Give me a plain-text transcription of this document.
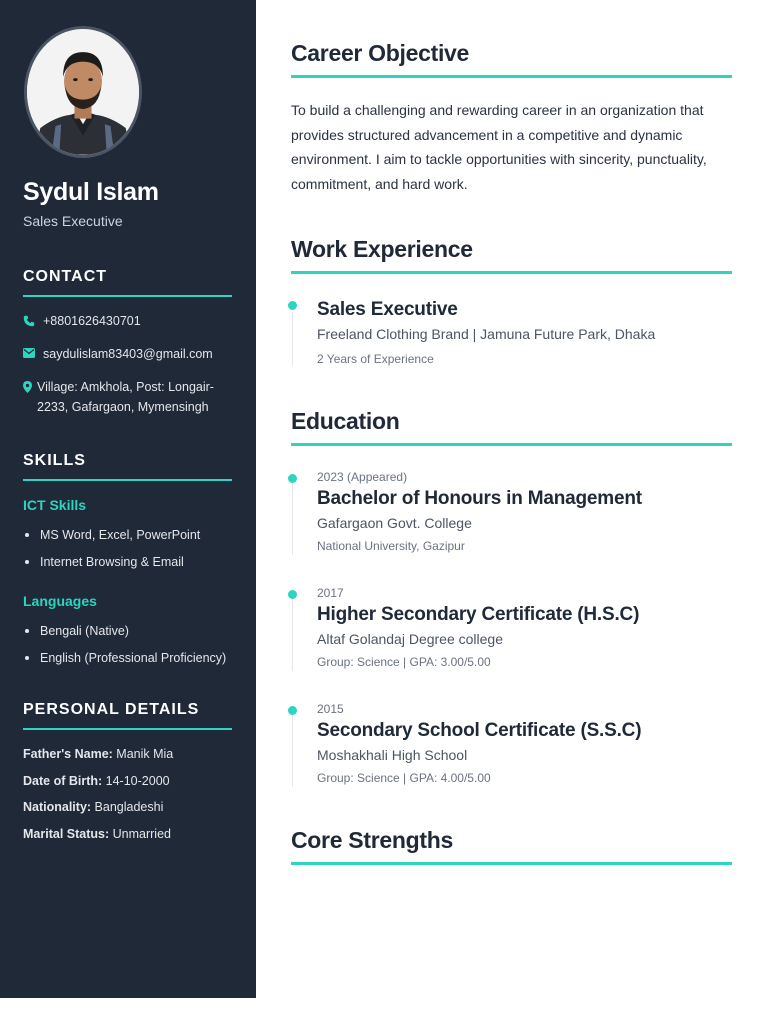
Sydul Islam
Sales Executive
CONTACT
+8801626430701
saydulislam83403@gmail.com
Village: Amkhola, Post: Longair-2233, Gafargaon, Mymensingh
SKILLS
ICT Skills
MS Word, Excel, PowerPoint
Internet Browsing & Email
Languages
Bengali (Native)
English (Professional Proficiency)
PERSONAL DETAILS
Father's Name: Manik Mia
Date of Birth: 14-10-2000
Nationality: Bangladeshi
Marital Status: Unmarried
Career Objective

To build a challenging and rewarding career in an organization that provides structured advancement in a competitive and dynamic environment. I aim to tackle opportunities with sincerity, punctuality, commitment, and hard work.

Work Experience
Sales Executive
Freeland Clothing Brand | Jamuna Future Park, Dhaka
2 Years of Experience
Education
2023 (Appeared)
Bachelor of Honours in Management
Gafargaon Govt. College
National University, Gazipur
2017
Higher Secondary Certificate (H.S.C)
Altaf Golandaj Degree college
Group: Science | GPA: 3.00/5.00
2015
Secondary School Certificate (S.S.C)
Moshakhali High School
Group: Science | GPA: 4.00/5.00
Core Strengths
